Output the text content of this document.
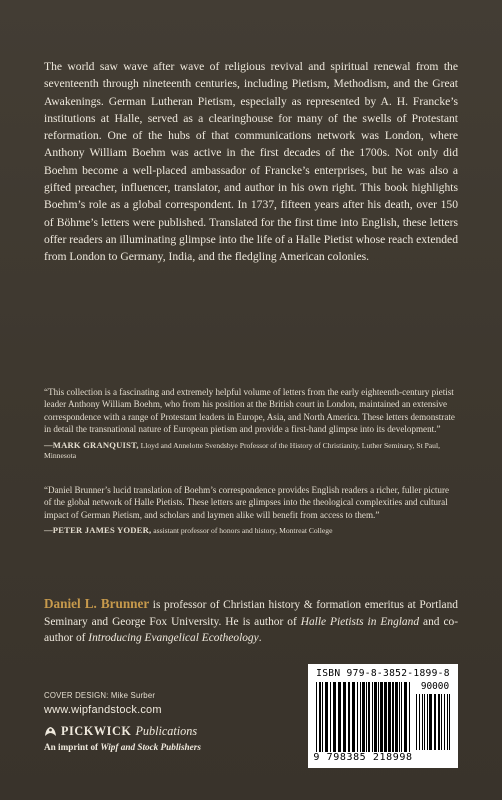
The world saw wave after wave of religious revival and spiritual renewal from the seventeenth through nineteenth centuries, including Pietism, Methodism, and the Great Awakenings. German Lutheran Pietism, especially as represented by A. H. Francke’s institutions at Halle, served as a clearinghouse for many of the swells of Protestant reformation. One of the hubs of that communications network was London, where Anthony William Boehm was active in the first decades of the 1700s. Not only did Boehm become a well-placed ambassador of Francke’s enterprises, but he was also a gifted preacher, influencer, translator, and author in his own right. This book highlights Boehm’s role as a global correspondent. In 1737, fifteen years after his death, over 150 of Böhme’s letters were published. Translated for the first time into English, these letters offer readers an illuminating glimpse into the life of a Halle Pietist whose reach extended from London to Germany, India, and the fledgling American colonies.

“This collection is a fascinating and extremely helpful volume of letters from the early eighteenth-century pietist leader Anthony William Boehm, who from his position at the British court in London, maintained an extensive correspondence with a range of Protestant leaders in Europe, Asia, and North America. These letters demonstrate in detail the transnational nature of European pietism and provide a first-hand glimpse into its development.”

—MARK GRANQUIST, Lloyd and Annelotte Svendsbye Professor of the History of Christianity, Luther Seminary, St Paul, Minnesota

“Daniel Brunner’s lucid translation of Boehm’s correspondence provides English readers a richer, fuller picture of the global network of Halle Pietists. These letters are glimpses into the theological complexities and cultural impact of German Pietism, and scholars and laymen alike will benefit from access to them.”

—PETER JAMES YODER, assistant professor of honors and history, Montreat College

Daniel L. Brunner is professor of Christian history & formation emeritus at Portland Seminary and George Fox University. He is author of Halle Pietists in England and co-author of Introducing Evangelical Ecotheology.

ISBN 979-8-3852-1899-8
90000
9 798385 218998
COVER DESIGN: Mike Surber
www.wipfandstock.com
PICKWICK Publications
An imprint of Wipf and Stock Publishers
